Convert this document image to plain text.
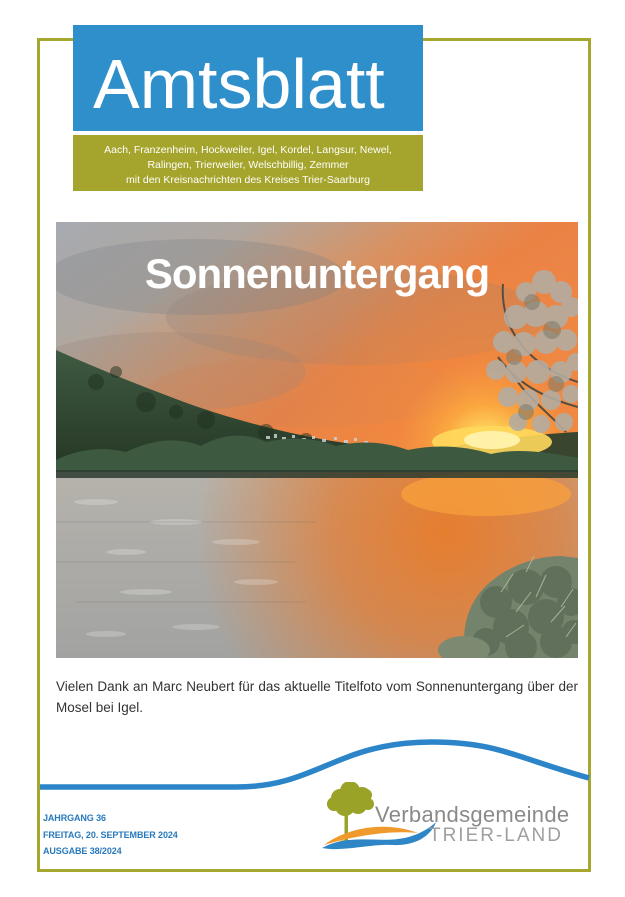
Amtsblatt
Aach, Franzenheim, Hockweiler, Igel, Kordel, Langsur, Newel,
Ralingen, Trierweiler, Welschbillig, Zemmer
mit den Kreisnachrichten des Kreises Trier-Saarburg
Sonnenuntergang
Vielen Dank an Marc Neubert für das aktuelle Titelfoto vom Sonnenuntergang über der Mosel bei Igel.
JAHRGANG 36
FREITAG, 20. SEPTEMBER 2024
AUSGABE 38/2024
Verbandsgemeinde
TRIER-LAND
